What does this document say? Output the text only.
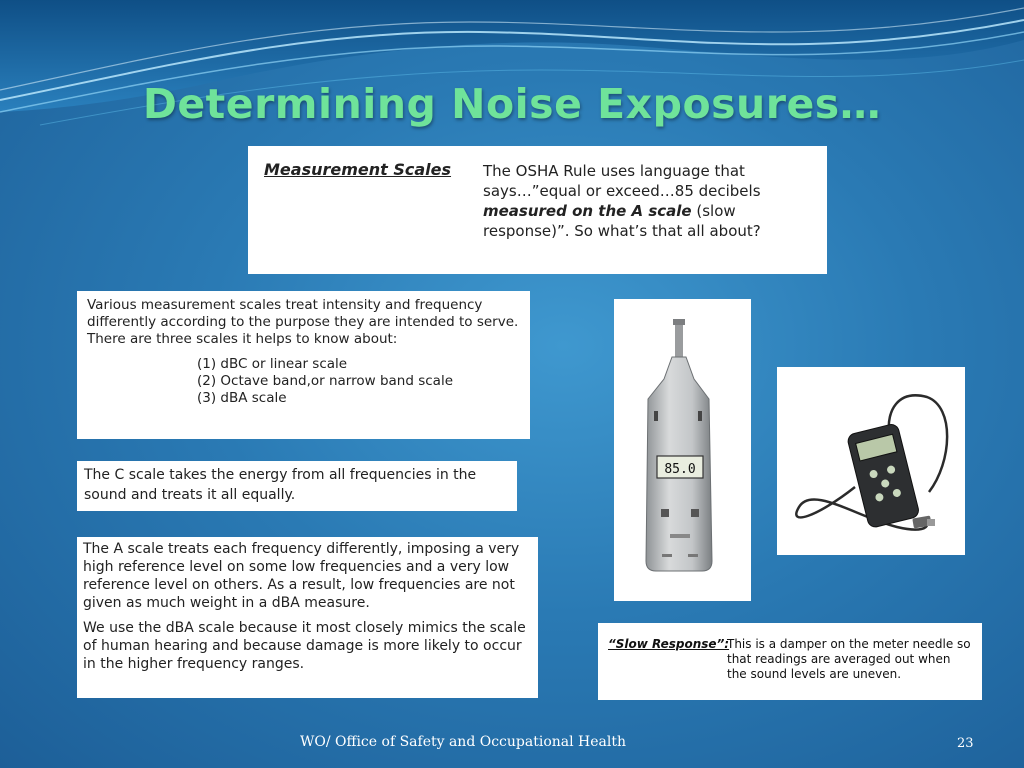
Determining Noise Exposures…
Measurement Scales The OSHA Rule uses language that says…”equal or exceed…85 decibels measured on the A scale (slow response)”. So what’s that all about?
Various measurement scales treat intensity and frequency differently according to the purpose they are intended to serve. There are three scales it helps to know about:
(1) dBC or linear scale
(2) Octave band,or narrow band scale
(3) dBA scale
The C scale takes the energy from all frequencies in the sound and treats it all equally.

The A scale treats each frequency differently, imposing a very high reference level on some low frequencies and a very low reference level on others. As a result, low frequencies are not given as much weight in a dBA measure.

We use the dBA scale because it most closely mimics the scale of human hearing and because damage is more likely to occur in the higher frequency ranges.

85.0
“Slow Response”:
This is a damper on the meter needle so that readings are averaged out when the sound levels are uneven.
WO/ Office of Safety and Occupational Health	23
